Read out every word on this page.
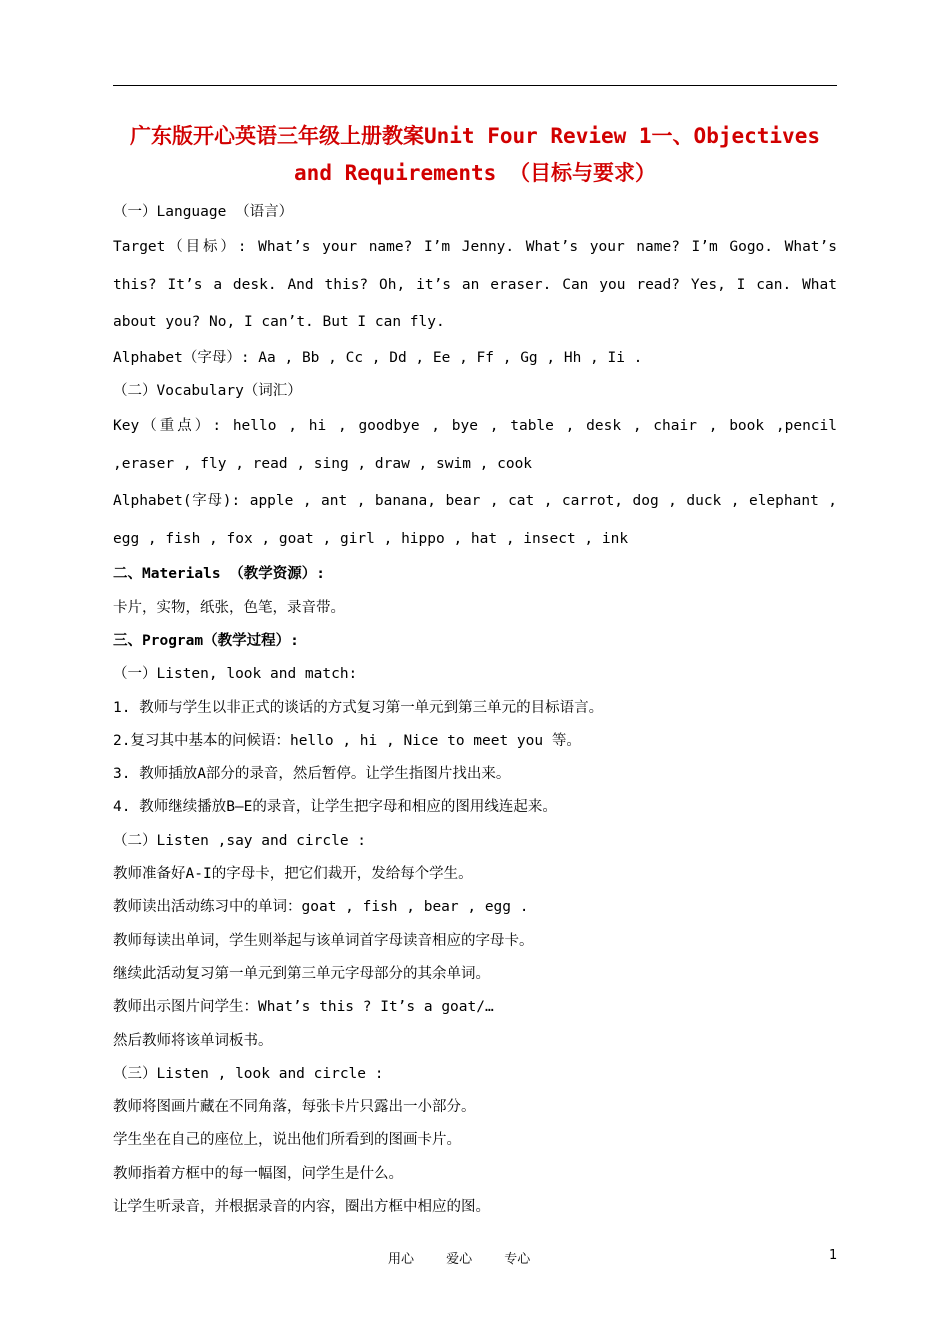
广东版开心英语三年级上册教案Unit Four Review 1一、Objectives and Requirements （目标与要求）

（一）Language （语言）

Target（目标）: What’s your name? I’m Jenny. What’s your name? I’m Gogo. What’s this? It’s a desk. And this? Oh, it’s an eraser. Can you read? Yes, I can. What about you? No, I can’t. But I can fly.

Alphabet（字母）: Aa , Bb , Cc , Dd , Ee , Ff , Gg , Hh , Ii .

（二）Vocabulary（词汇）

Key（重点）: hello , hi , goodbye , bye , table , desk , chair , book ,pencil ,eraser , fly , read , sing , draw , swim , cook

Alphabet(字母): apple , ant , banana, bear , cat , carrot, dog , duck , elephant , egg , fish , fox , goat , girl , hippo , hat , insect , ink

二、Materials （教学资源）:

卡片，实物，纸张，色笔，录音带。

三、Program（教学过程）:

（一）Listen, look and match:

1. 教师与学生以非正式的谈话的方式复习第一单元到第三单元的目标语言。

2.复习其中基本的问候语：hello , hi , Nice to meet you 等。

3. 教师插放A部分的录音，然后暂停。让学生指图片找出来。

4. 教师继续播放B—E的录音，让学生把字母和相应的图用线连起来。

（二）Listen ,say and circle :

教师准备好A-I的字母卡，把它们裁开，发给每个学生。

教师读出活动练习中的单词：goat , fish , bear , egg .

教师每读出单词，学生则举起与该单词首字母读音相应的字母卡。

继续此活动复习第一单元到第三单元字母部分的其余单词。

教师出示图片问学生：What’s this ? It’s a goat/…

然后教师将该单词板书。

（三）Listen , look and circle :

教师将图画片藏在不同角落，每张卡片只露出一小部分。

学生坐在自己的座位上，说出他们所看到的图画卡片。

教师指着方框中的每一幅图，问学生是什么。

让学生听录音，并根据录音的内容，圈出方框中相应的图。

用心 爱心 专心	1
